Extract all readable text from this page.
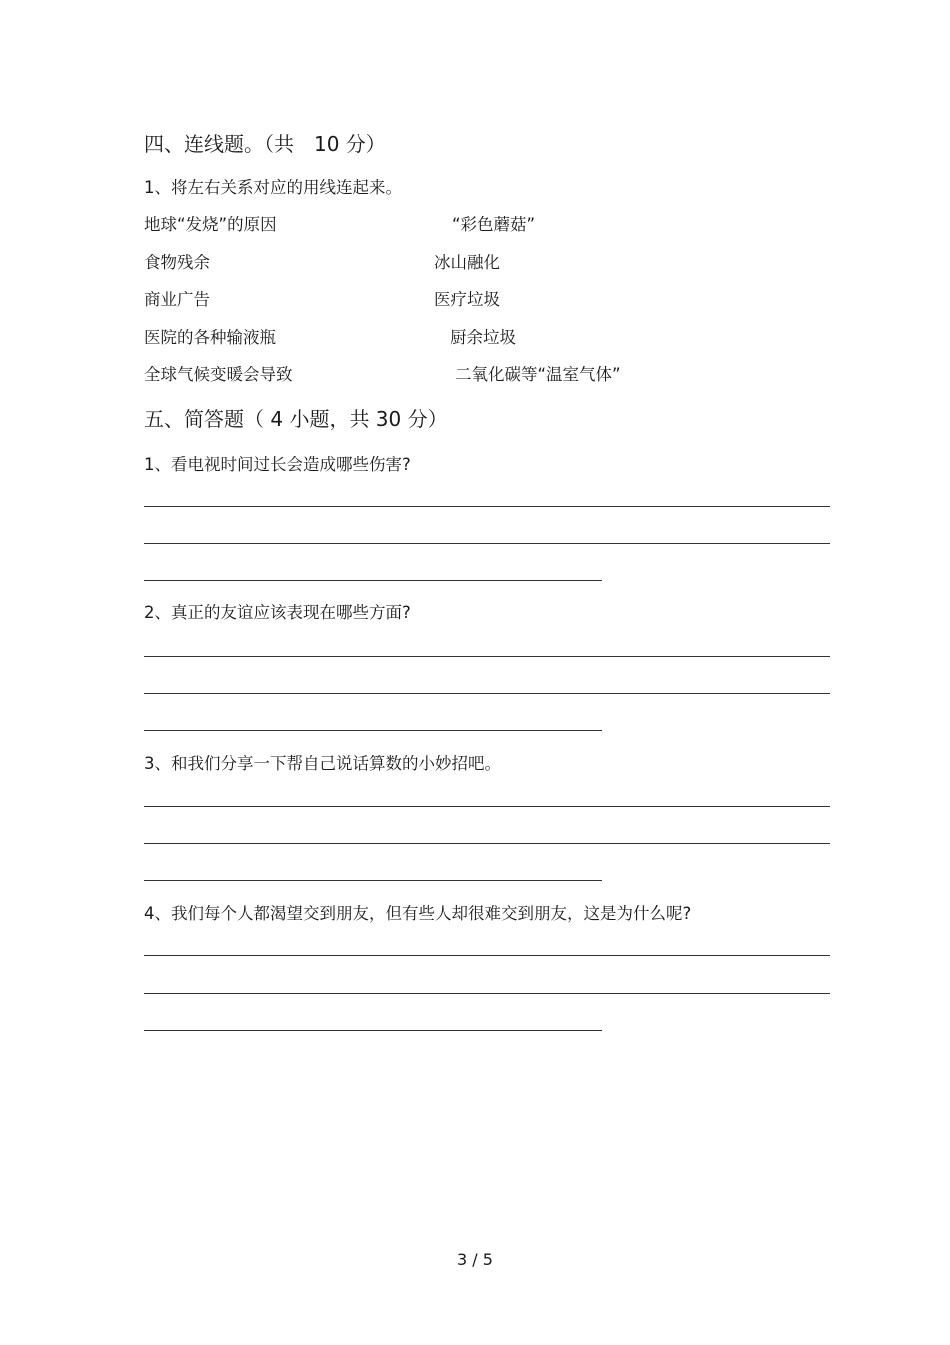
四、连线题。（共　10 分）
1、将左右关系对应的用线连起来。
地球“发烧”的原因	“彩色蘑菇”
食物残余	冰山融化
商业广告	医疗垃圾
医院的各种输液瓶	厨余垃圾
全球气候变暖会导致	二氧化碳等“温室气体”
五、简答题（ 4 小题，共 30 分）
1、看电视时间过长会造成哪些伤害?
2、真正的友谊应该表现在哪些方面?
3、和我们分享一下帮自己说话算数的小妙招吧。
4、我们每个人都渴望交到朋友，但有些人却很难交到朋友，这是为什么呢?
3 / 5
